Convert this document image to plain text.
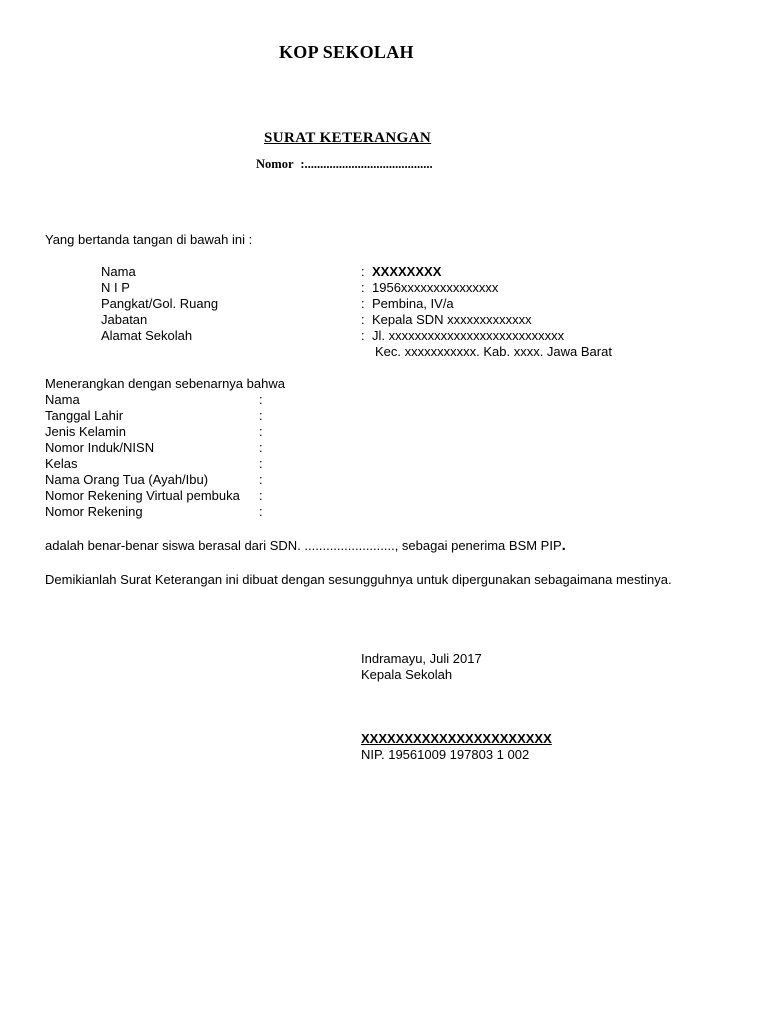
KOP SEKOLAH
SURAT KETERANGAN
Nomor :.........................................
Yang bertanda tangan di bawah ini :
Nama	: XXXXXXXX
N I P	: 1956xxxxxxxxxxxxxxx
Pangkat/Gol. Ruang	: Pembina, IV/a
Jabatan	: Kepala SDN xxxxxxxxxxxxx
Alamat Sekolah	: Jl. xxxxxxxxxxxxxxxxxxxxxxxxxxx
Kec. xxxxxxxxxxx. Kab. xxxx. Jawa Barat
Menerangkan dengan sebenarnya bahwa
Nama	:
Tanggal Lahir	:
Jenis Kelamin	:
Nomor Induk/NISN	:
Kelas	:
Nama Orang Tua (Ayah/Ibu)	:
Nomor Rekening Virtual pembuka :
Nomor Rekening	:
adalah benar-benar siswa berasal dari SDN. ........................., sebagai penerima BSM PIP.
Demikianlah Surat Keterangan ini dibuat dengan sesungguhnya untuk dipergunakan sebagaimana mestinya.
Indramayu, Juli 2017
Kepala Sekolah
XXXXXXXXXXXXXXXXXXXXXX
NIP. 19561009 197803 1 002
